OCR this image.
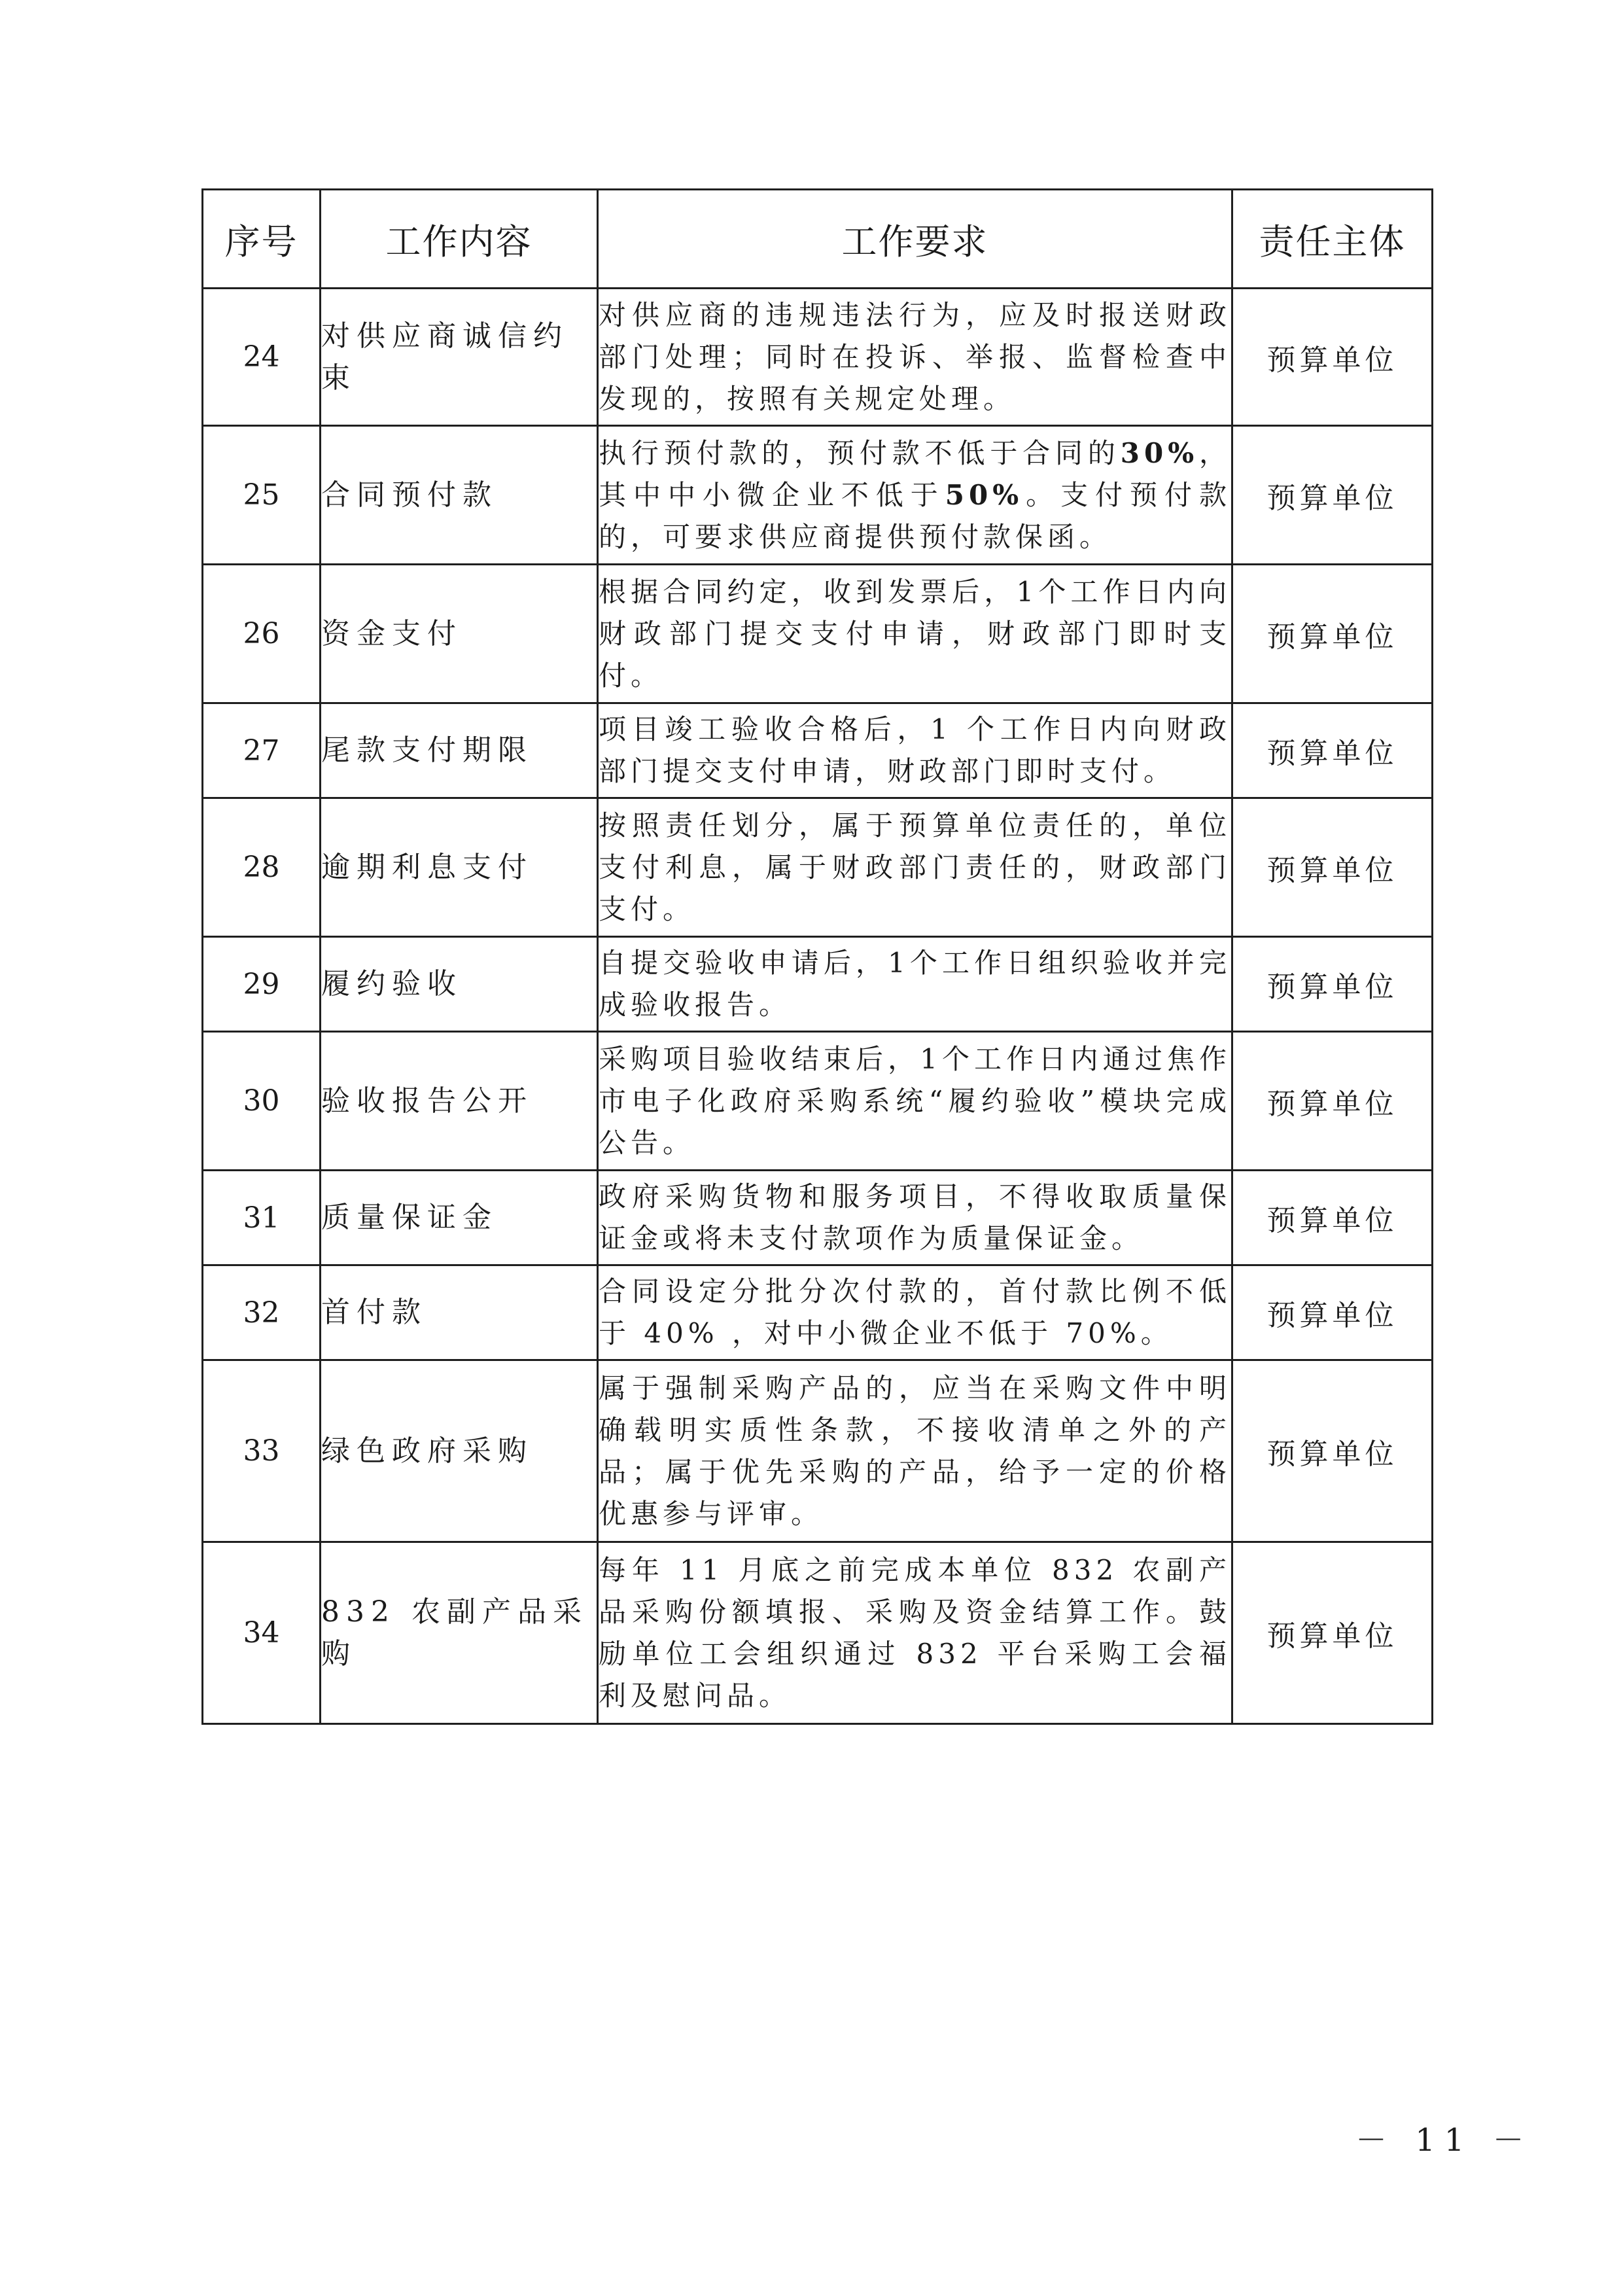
序号	工作内容	工作要求	责任主体
24	对供应商诚信约束	对供应商的违规违法行为，应及时报送财政部门处理；同时在投诉、举报、监督检查中发现的，按照有关规定处理。	预算单位
25	合同预付款	执行预付款的，预付款不低于合同的30%，其中中小微企业不低于50%。支付预付款的，可要求供应商提供预付款保函。	预算单位
26	资金支付	根据合同约定，收到发票后，1个工作日内向财政部门提交支付申请，财政部门即时支付。	预算单位
27	尾款支付期限	项目竣工验收合格后，1 个工作日内向财政部门提交支付申请，财政部门即时支付。	预算单位
28	逾期利息支付	按照责任划分，属于预算单位责任的，单位支付利息，属于财政部门责任的，财政部门支付。	预算单位
29	履约验收	自提交验收申请后，1个工作日组织验收并完成验收报告。	预算单位
30	验收报告公开	采购项目验收结束后，1个工作日内通过焦作市电子化政府采购系统“履约验收”模块完成公告。	预算单位
31	质量保证金	政府采购货物和服务项目，不得收取质量保证金或将未支付款项作为质量保证金。	预算单位
32	首付款	合同设定分批分次付款的，首付款比例不低于 40% ，对中小微企业不低于 70%。	预算单位
33	绿色政府采购	属于强制采购产品的，应当在采购文件中明确载明实质性条款，不接收清单之外的产品；属于优先采购的产品，给予一定的价格优惠参与评审。	预算单位
34	832 农副产品采购	每年 11 月底之前完成本单位 832 农副产品采购份额填报、采购及资金结算工作。鼓励单位工会组织通过 832 平台采购工会福利及慰问品。	预算单位
－ 11 －
